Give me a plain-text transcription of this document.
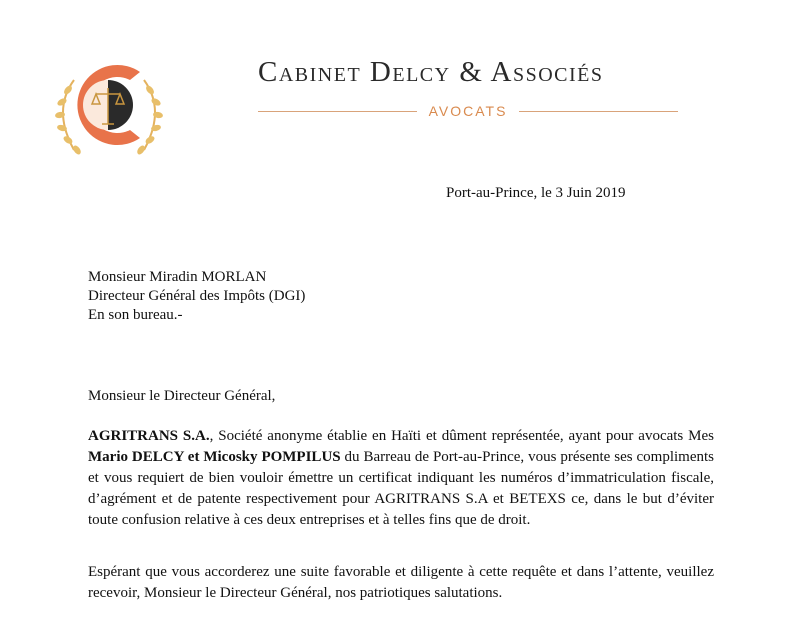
Cabinet Delcy & Associés
AVOCATS
Port-au-Prince, le 3 Juin 2019
Monsieur Miradin MORLAN
Directeur Général des Impôts (DGI)
En son bureau.-
Monsieur le Directeur Général,
AGRITRANS S.A., Société anonyme établie en Haïti et dûment représentée, ayant pour avocats Mes Mario DELCY et Micosky POMPILUS du Barreau de Port-au-Prince, vous présente ses compliments et vous requiert de bien vouloir émettre un certificat indiquant les numéros d’immatriculation fiscale, d’agrément et de patente respectivement pour AGRITRANS S.A et BETEXS ce, dans le but d’éviter toute confusion relative à ces deux entreprises et à telles fins que de droit.
Espérant que vous accorderez une suite favorable et diligente à cette requête et dans l’attente, veuillez recevoir, Monsieur le Directeur Général, nos patriotiques salutations.
